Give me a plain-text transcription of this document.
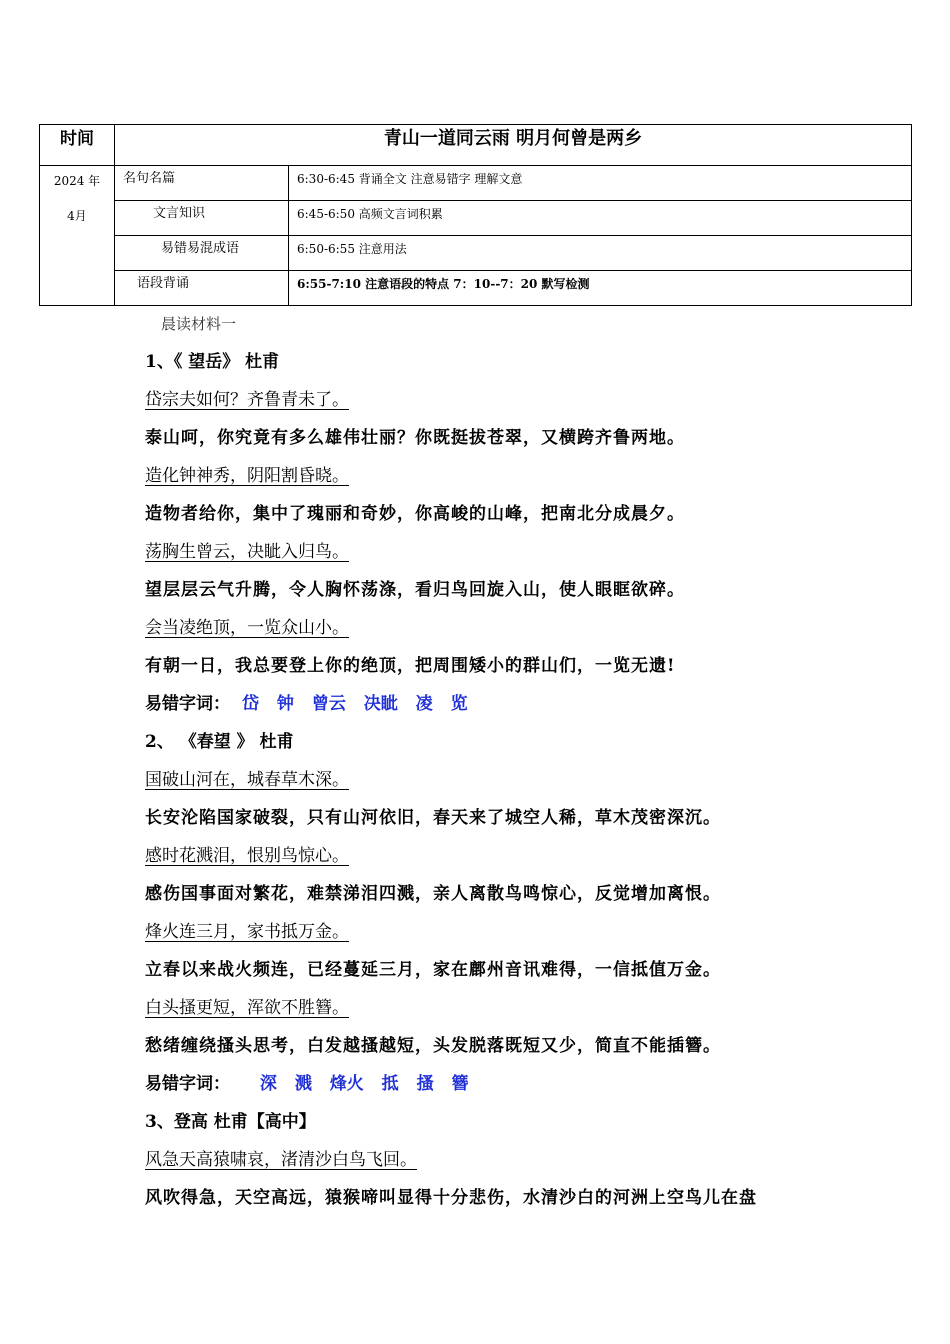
时间	青山一道同云雨 明月何曾是两乡	

2024 年
4月	名句名篇	6:30-6:45 背诵全文 注意易错字 理解文意
	文言知识	6:45-6:50 高频文言词积累
	易错易混成语	6:50-6:55 注意用法
	语段背诵	6:55-7:10 注意语段的特点 7：10--7：20 默写检测
晨读材料一
1、《 望岳》 杜甫
岱宗夫如何？齐鲁青未了。
泰山呵，你究竟有多么雄伟壮丽？你既挺拔苍翠，又横跨齐鲁两地。
造化钟神秀，阴阳割昏晓。
造物者给你，集中了瑰丽和奇妙，你高峻的山峰，把南北分成晨夕。
荡胸生曾云，决眦入归鸟。
望层层云气升腾，令人胸怀荡涤，看归鸟回旋入山，使人眼眶欲碎。
会当凌绝顶，一览众山小。
有朝一日，我总要登上你的绝顶，把周围矮小的群山们，一览无遗!
易错字词： 岱 钟 曾云 决眦 凌 览
2、 《春望 》 杜甫
国破山河在，城春草木深。
长安沦陷国家破裂，只有山河依旧，春天来了城空人稀，草木茂密深沉。
感时花溅泪，恨别鸟惊心。
感伤国事面对繁花，难禁涕泪四溅，亲人离散鸟鸣惊心，反觉增加离恨。
烽火连三月，家书抵万金。
立春以来战火频连，已经蔓延三月，家在鄜州音讯难得，一信抵值万金。
白头搔更短，浑欲不胜簪。
愁绪缠绕搔头思考，白发越搔越短，头发脱落既短又少，简直不能插簪。
易错字词： 深 溅 烽火 抵 搔 簪
3、登高 杜甫【高中】
风急天高猿啸哀，渚清沙白鸟飞回。
风吹得急，天空高远，猿猴啼叫显得十分悲伤，水清沙白的河洲上空鸟儿在盘
